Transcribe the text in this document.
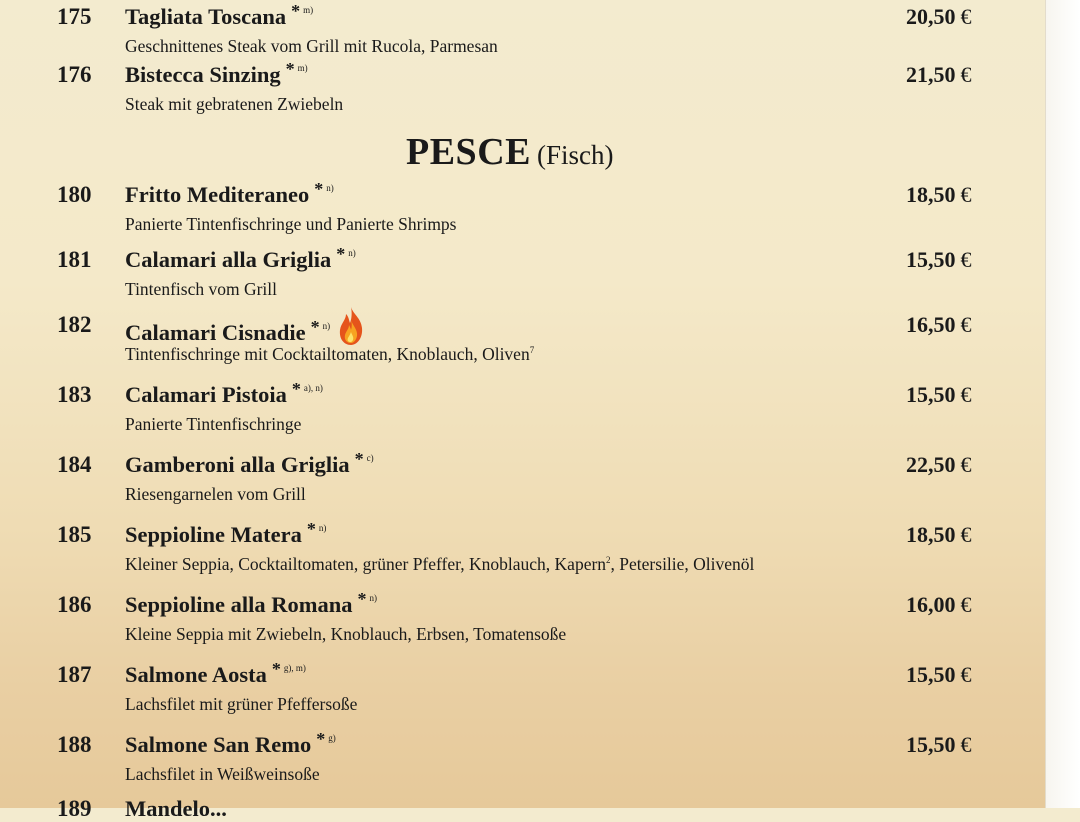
175 Tagliata Toscana * $^{m)}$
Geschnittenes Steak vom Grill mit Rucola, Parmesan
20,50 €
176 Bistecca Sinzing * $^{m)}$
Steak mit gebratenen Zwiebeln
21,50 €
PESCE (Fisch)
180 Fritto Mediteraneo * $^{n)}$
Panierte Tintenfischringe und Panierte Shrimps
18,50 €
181 Calamari alla Griglia * $^{n)}$
Tintenfisch vom Grill
15,50 €
182 Calamari Cisnadie * $^{n)}$
Tintenfischringe mit Cocktailtomaten, Knoblauch, Oliven$^7$
16,50 €
183 Calamari Pistoia * $^{a), n)}$
Panierte Tintenfischringe
15,50 €
184 Gamberoni alla Griglia * $^{c)}$
Riesengarnelen vom Grill
22,50 €
185 Seppioline Matera * $^{n)}$
Kleiner Seppia, Cocktailtomaten, grüner Pfeffer, Knoblauch, Kapern$^2$, Petersilie, Olivenöl
18,50 €
186 Seppioline alla Romana * $^{n)}$
Kleine Seppia mit Zwiebeln, Knoblauch, Erbsen, Tomatensoße
16,00 €
187 Salmone Aosta * $^{g), m)}$
Lachsfilet mit grüner Pfeffersoße
15,50 €
188 Salmone San Remo * $^{g)}$
Lachsfilet in Weißweinsoße
15,50 €
189 Mandelo...
